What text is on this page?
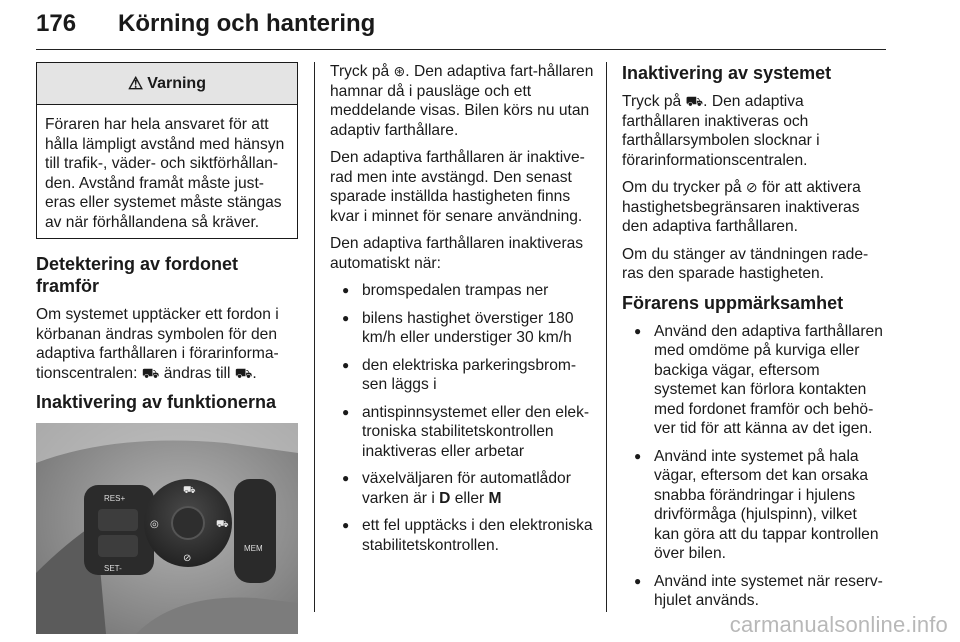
176 Körning och hantering
⚠ Varning

Föraren har hela ansvaret för att hålla lämpligt avstånd med hänsyn till trafik-, väder- och siktförhållan-den. Avstånd framåt måste just-eras eller systemet måste stängas av när förhållandena så kräver.

Detektering av fordonet framför

Om systemet upptäcker ett fordon i körbanan ändras symbolen för den adaptiva farthållaren i förarinforma-tionscentralen: ⛟ ändras till ⛟.

Inaktivering av funktionerna
RES+
SET-
⛟
◎	⛟
⊘
MEM

Tryck på ⊛. Den adaptiva fart-hållaren hamnar då i pausläge och ett meddelande visas. Bilen körs nu utan adaptiv farthållare.

Den adaptiva farthållaren är inaktive-rad men inte avstängd. Den senast sparade inställda hastigheten finns kvar i minnet för senare användning.

Den adaptiva farthållaren inaktiveras automatiskt när:

● bromspedalen trampas ner
● bilens hastighet överstiger 180 km/h eller understiger 30 km/h
● den elektriska parkeringsbrom-sen läggs i
● antispinnsystemet eller den elek-troniska stabilitetskontrollen inaktiveras eller arbetar
● växelväljaren för automatlådor varken är i D eller M
● ett fel upptäcks i den elektroniska stabilitetskontrollen.
Inaktivering av systemet

Tryck på ⛟. Den adaptiva farthållaren inaktiveras och farthållarsymbolen slocknar i förarinformationscentralen.

Om du trycker på ⊘ för att aktivera hastighetsbegränsaren inaktiveras den adaptiva farthållaren.

Om du stänger av tändningen rade-ras den sparade hastigheten.

Förarens uppmärksamhet
● Använd den adaptiva farthållaren med omdöme på kurviga eller backiga vägar, eftersom systemet kan förlora kontakten med fordonet framför och behö-ver tid för att känna av det igen.
● Använd inte systemet på hala vägar, eftersom det kan orsaka snabba förändringar i hjulens drivförmåga (hjulspinn), vilket kan göra att du tappar kontrollen över bilen.
● Använd inte systemet när reserv-hjulet används.
carmanualsonline.info
